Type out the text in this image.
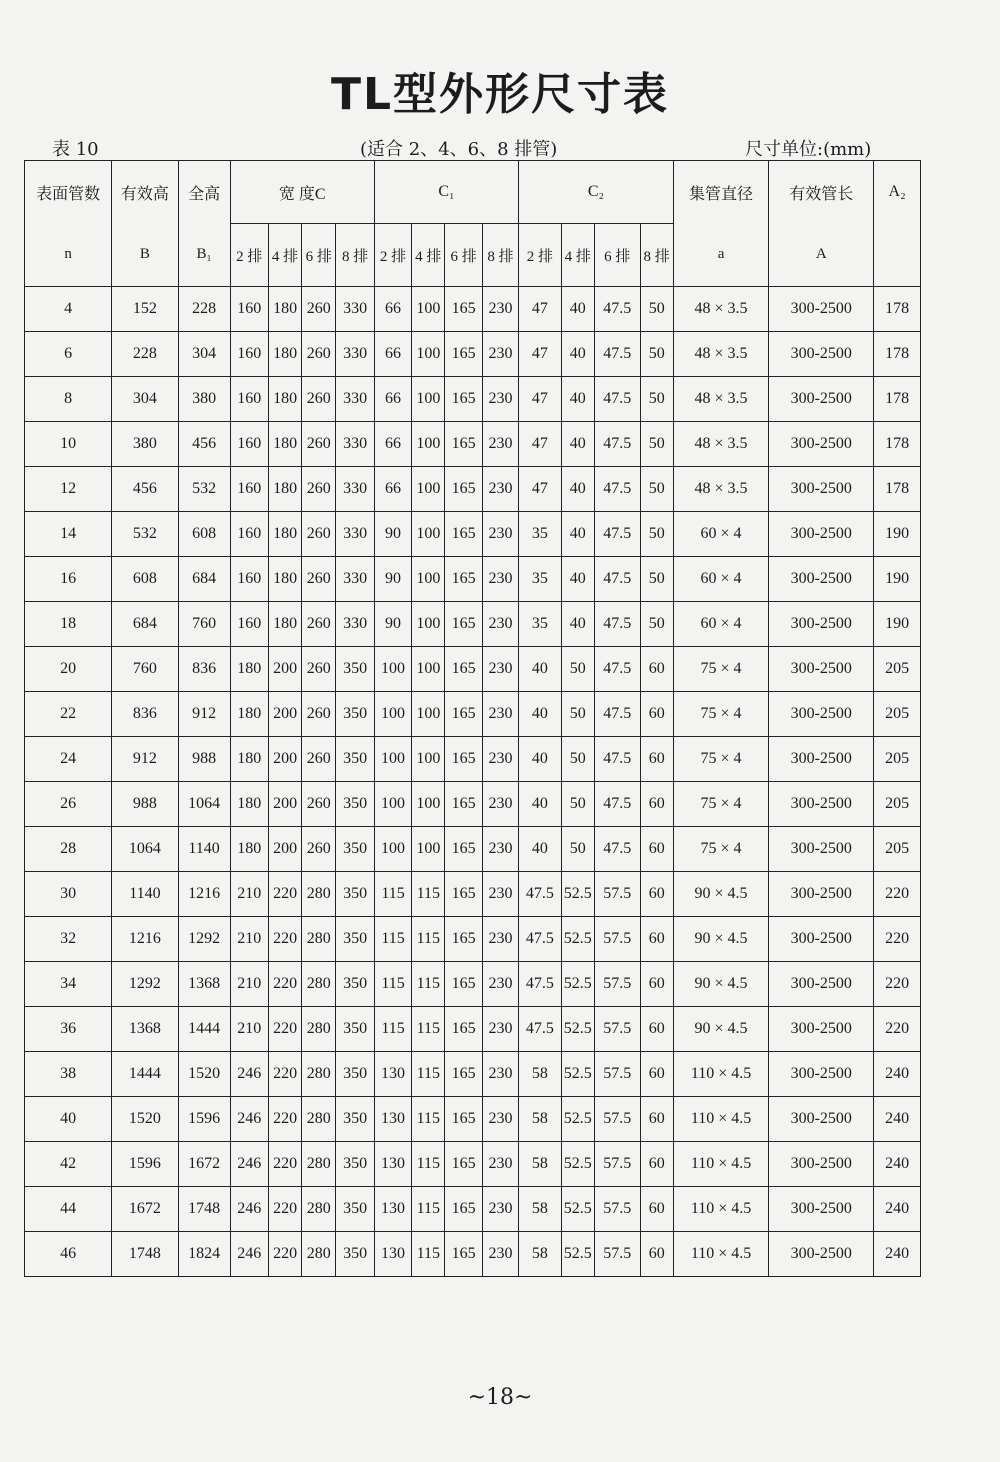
TL型外形尺寸表
表 10	(适合 2、4、6、8 排管)	尺寸单位:(mm)
表面管数	有效高	全高	宽 度C				C₁				C₂				集管直径	有效管长	A₂
n	B	B₁	2 排	4 排	6 排	8 排	2 排	4 排	6 排	8 排	2 排	4 排	6 排	8 排	a	A	
4	152	228	160	180	260	330	66	100	165	230	47	40	47.5	50	48 × 3.5	300-2500	178
6	228	304	160	180	260	330	66	100	165	230	47	40	47.5	50	48 × 3.5	300-2500	178
8	304	380	160	180	260	330	66	100	165	230	47	40	47.5	50	48 × 3.5	300-2500	178
10	380	456	160	180	260	330	66	100	165	230	47	40	47.5	50	48 × 3.5	300-2500	178
12	456	532	160	180	260	330	66	100	165	230	47	40	47.5	50	48 × 3.5	300-2500	178
14	532	608	160	180	260	330	90	100	165	230	35	40	47.5	50	60 × 4	300-2500	190
16	608	684	160	180	260	330	90	100	165	230	35	40	47.5	50	60 × 4	300-2500	190
18	684	760	160	180	260	330	90	100	165	230	35	40	47.5	50	60 × 4	300-2500	190
20	760	836	180	200	260	350	100	100	165	230	40	50	47.5	60	75 × 4	300-2500	205
22	836	912	180	200	260	350	100	100	165	230	40	50	47.5	60	75 × 4	300-2500	205
24	912	988	180	200	260	350	100	100	165	230	40	50	47.5	60	75 × 4	300-2500	205
26	988	1064	180	200	260	350	100	100	165	230	40	50	47.5	60	75 × 4	300-2500	205
28	1064	1140	180	200	260	350	100	100	165	230	40	50	47.5	60	75 × 4	300-2500	205
30	1140	1216	210	220	280	350	115	115	165	230	47.5	52.5	57.5	60	90 × 4.5	300-2500	220
32	1216	1292	210	220	280	350	115	115	165	230	47.5	52.5	57.5	60	90 × 4.5	300-2500	220
34	1292	1368	210	220	280	350	115	115	165	230	47.5	52.5	57.5	60	90 × 4.5	300-2500	220
36	1368	1444	210	220	280	350	115	115	165	230	47.5	52.5	57.5	60	90 × 4.5	300-2500	220
38	1444	1520	246	220	280	350	130	115	165	230	58	52.5	57.5	60	110 × 4.5	300-2500	240
40	1520	1596	246	220	280	350	130	115	165	230	58	52.5	57.5	60	110 × 4.5	300-2500	240
42	1596	1672	246	220	280	350	130	115	165	230	58	52.5	57.5	60	110 × 4.5	300-2500	240
44	1672	1748	246	220	280	350	130	115	165	230	58	52.5	57.5	60	110 × 4.5	300-2500	240
46	1748	1824	246	220	280	350	130	115	165	230	58	52.5	57.5	60	110 × 4.5	300-2500	240
~18~
